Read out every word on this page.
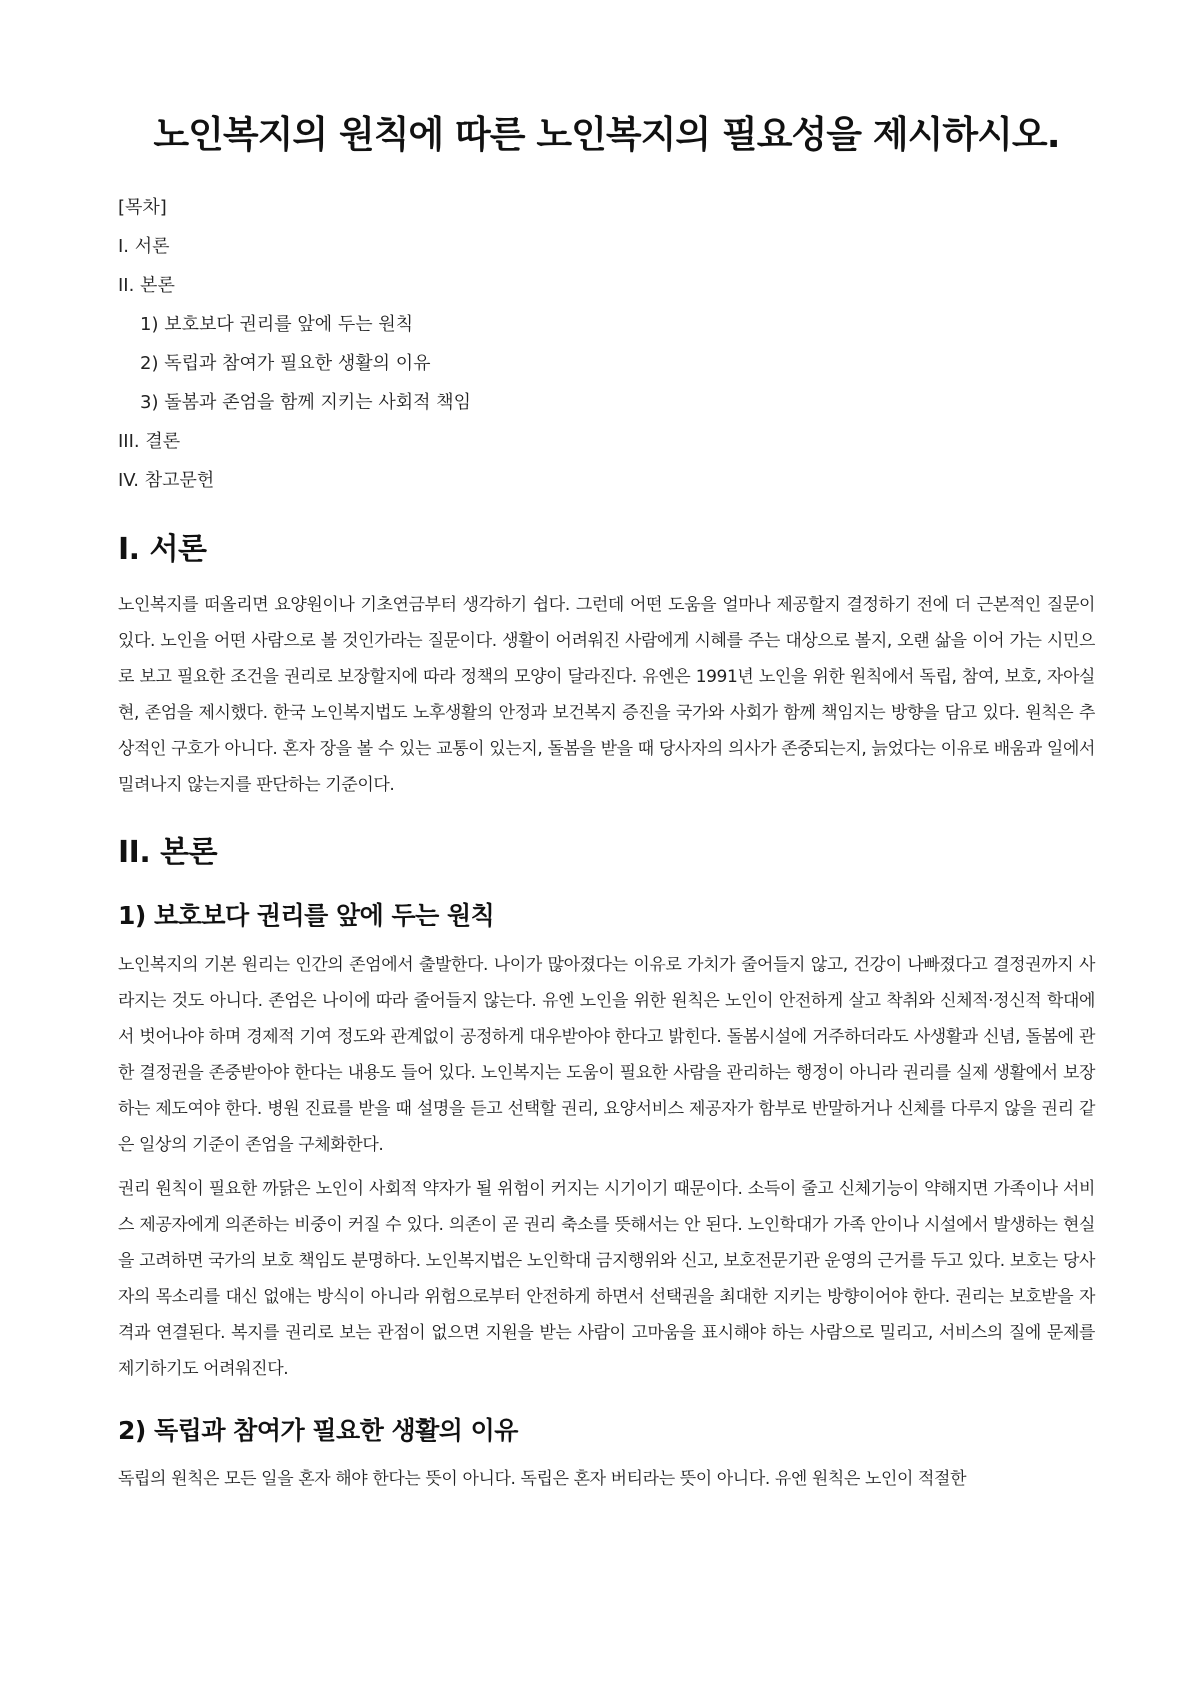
노인복지의 원칙에 따른 노인복지의 필요성을 제시하시오.
[목차]
I. 서론
II. 본론
1) 보호보다 권리를 앞에 두는 원칙
2) 독립과 참여가 필요한 생활의 이유
3) 돌봄과 존엄을 함께 지키는 사회적 책임
III. 결론
IV. 참고문헌
I. 서론

노인복지를 떠올리면 요양원이나 기초연금부터 생각하기 쉽다. 그런데 어떤 도움을 얼마나 제공할지 결정하기 전에 더 근본적인 질문이 있다. 노인을 어떤 사람으로 볼 것인가라는 질문이다. 생활이 어려워진 사람에게 시혜를 주는 대상으로 볼지, 오랜 삶을 이어 가는 시민으로 보고 필요한 조건을 권리로 보장할지에 따라 정책의 모양이 달라진다. 유엔은 1991년 노인을 위한 원칙에서 독립, 참여, 보호, 자아실현, 존엄을 제시했다. 한국 노인복지법도 노후생활의 안정과 보건복지 증진을 국가와 사회가 함께 책임지는 방향을 담고 있다. 원칙은 추상적인 구호가 아니다. 혼자 장을 볼 수 있는 교통이 있는지, 돌봄을 받을 때 당사자의 의사가 존중되는지, 늙었다는 이유로 배움과 일에서 밀려나지 않는지를 판단하는 기준이다.

II. 본론
1) 보호보다 권리를 앞에 두는 원칙

노인복지의 기본 원리는 인간의 존엄에서 출발한다. 나이가 많아졌다는 이유로 가치가 줄어들지 않고, 건강이 나빠졌다고 결정권까지 사라지는 것도 아니다. 존엄은 나이에 따라 줄어들지 않는다. 유엔 노인을 위한 원칙은 노인이 안전하게 살고 착취와 신체적·정신적 학대에서 벗어나야 하며 경제적 기여 정도와 관계없이 공정하게 대우받아야 한다고 밝힌다. 돌봄시설에 거주하더라도 사생활과 신념, 돌봄에 관한 결정권을 존중받아야 한다는 내용도 들어 있다. 노인복지는 도움이 필요한 사람을 관리하는 행정이 아니라 권리를 실제 생활에서 보장하는 제도여야 한다. 병원 진료를 받을 때 설명을 듣고 선택할 권리, 요양서비스 제공자가 함부로 반말하거나 신체를 다루지 않을 권리 같은 일상의 기준이 존엄을 구체화한다.

권리 원칙이 필요한 까닭은 노인이 사회적 약자가 될 위험이 커지는 시기이기 때문이다. 소득이 줄고 신체기능이 약해지면 가족이나 서비스 제공자에게 의존하는 비중이 커질 수 있다. 의존이 곧 권리 축소를 뜻해서는 안 된다. 노인학대가 가족 안이나 시설에서 발생하는 현실을 고려하면 국가의 보호 책임도 분명하다. 노인복지법은 노인학대 금지행위와 신고, 보호전문기관 운영의 근거를 두고 있다. 보호는 당사자의 목소리를 대신 없애는 방식이 아니라 위험으로부터 안전하게 하면서 선택권을 최대한 지키는 방향이어야 한다. 권리는 보호받을 자격과 연결된다. 복지를 권리로 보는 관점이 없으면 지원을 받는 사람이 고마움을 표시해야 하는 사람으로 밀리고, 서비스의 질에 문제를 제기하기도 어려워진다.

2) 독립과 참여가 필요한 생활의 이유

독립의 원칙은 모든 일을 혼자 해야 한다는 뜻이 아니다. 독립은 혼자 버티라는 뜻이 아니다. 유엔 원칙은 노인이 적절한
